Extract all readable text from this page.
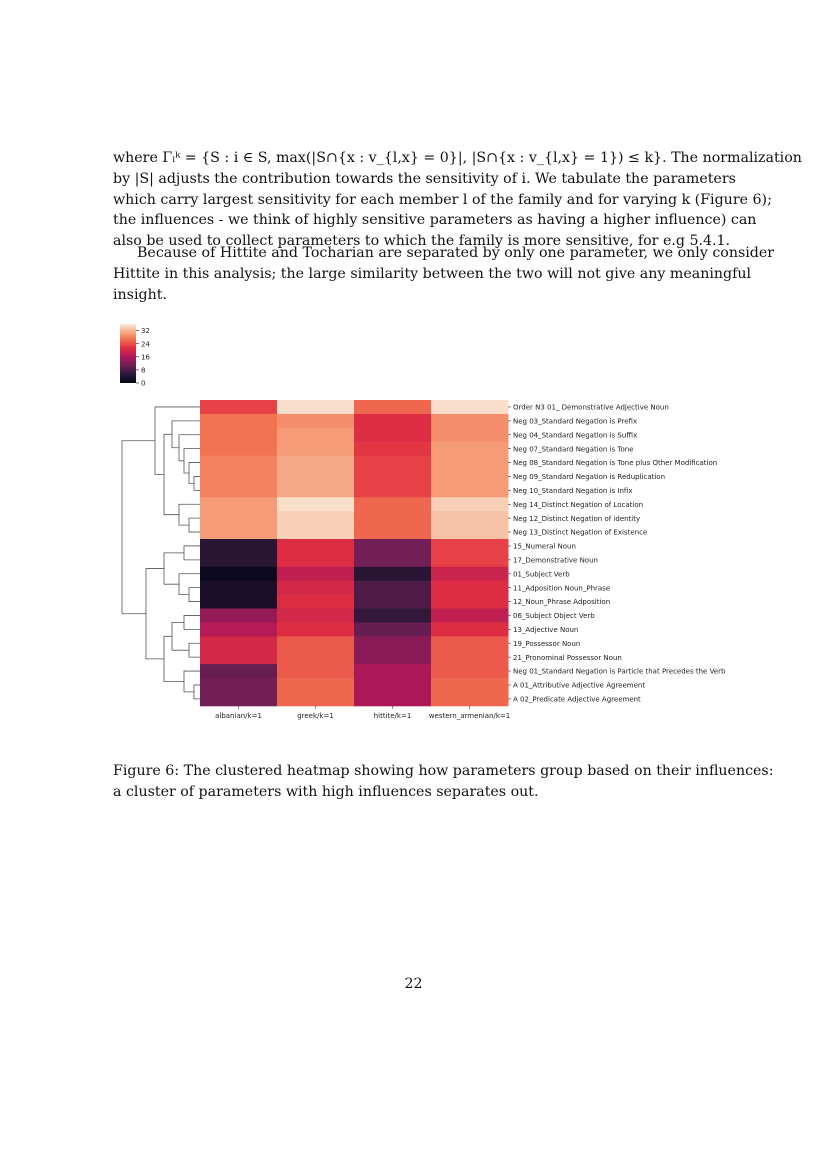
where Γᵢᵏ = {S : i ∈ S, max(|S∩{x : v_{l,x} = 0}|, |S∩{x : v_{l,x} = 1}) ≤ k}. The normalization
by |S| adjusts the contribution towards the sensitivity of i. We tabulate the parameters
which carry largest sensitivity for each member l of the family and for varying k (Figure 6);
the influences - we think of highly sensitive parameters as having a higher influence) can
also be used to collect parameters to which the family is more sensitive, for e.g 5.4.1.
Because of Hittite and Tocharian are separated by only one parameter, we only consider
Hittite in this analysis; the large similarity between the two will not give any meaningful
insight.
0
8
16
24
32
Order N3 01_ Demonstrative Adjective Noun
Neg 03_Standard Negation is Prefix
Neg 04_Standard Negation is Suffix
Neg 07_Standard Negation is Tone
Neg 08_Standard Negation is Tone plus Other Modification
Neg 09_Standard Negation is Reduplication
Neg 10_Standard Negation is Infix
Neg 14_Distinct Negation of Location
Neg 12_Distinct Negation of identity
Neg 13_Distinct Negation of Existence
15_Numeral Noun
17_Demonstrative Noun
01_Subject Verb
11_Adposition Noun_Phrase
12_Noun_Phrase Adposition
06_Subject Object Verb
13_Adjective Noun
19_Possessor Noun
21_Pronominal Possessor Noun
Neg 01_Standard Negation is Particle that Precedes the Verb
A 01_Attributive Adjective Agreement
A 02_Predicate Adjective Agreement
albanian/k=1	greek/k=1	hittite/k=1 western_armenian/k=1
Figure 6: The clustered heatmap showing how parameters group based on their influences:
a cluster of parameters with high influences separates out.
22
